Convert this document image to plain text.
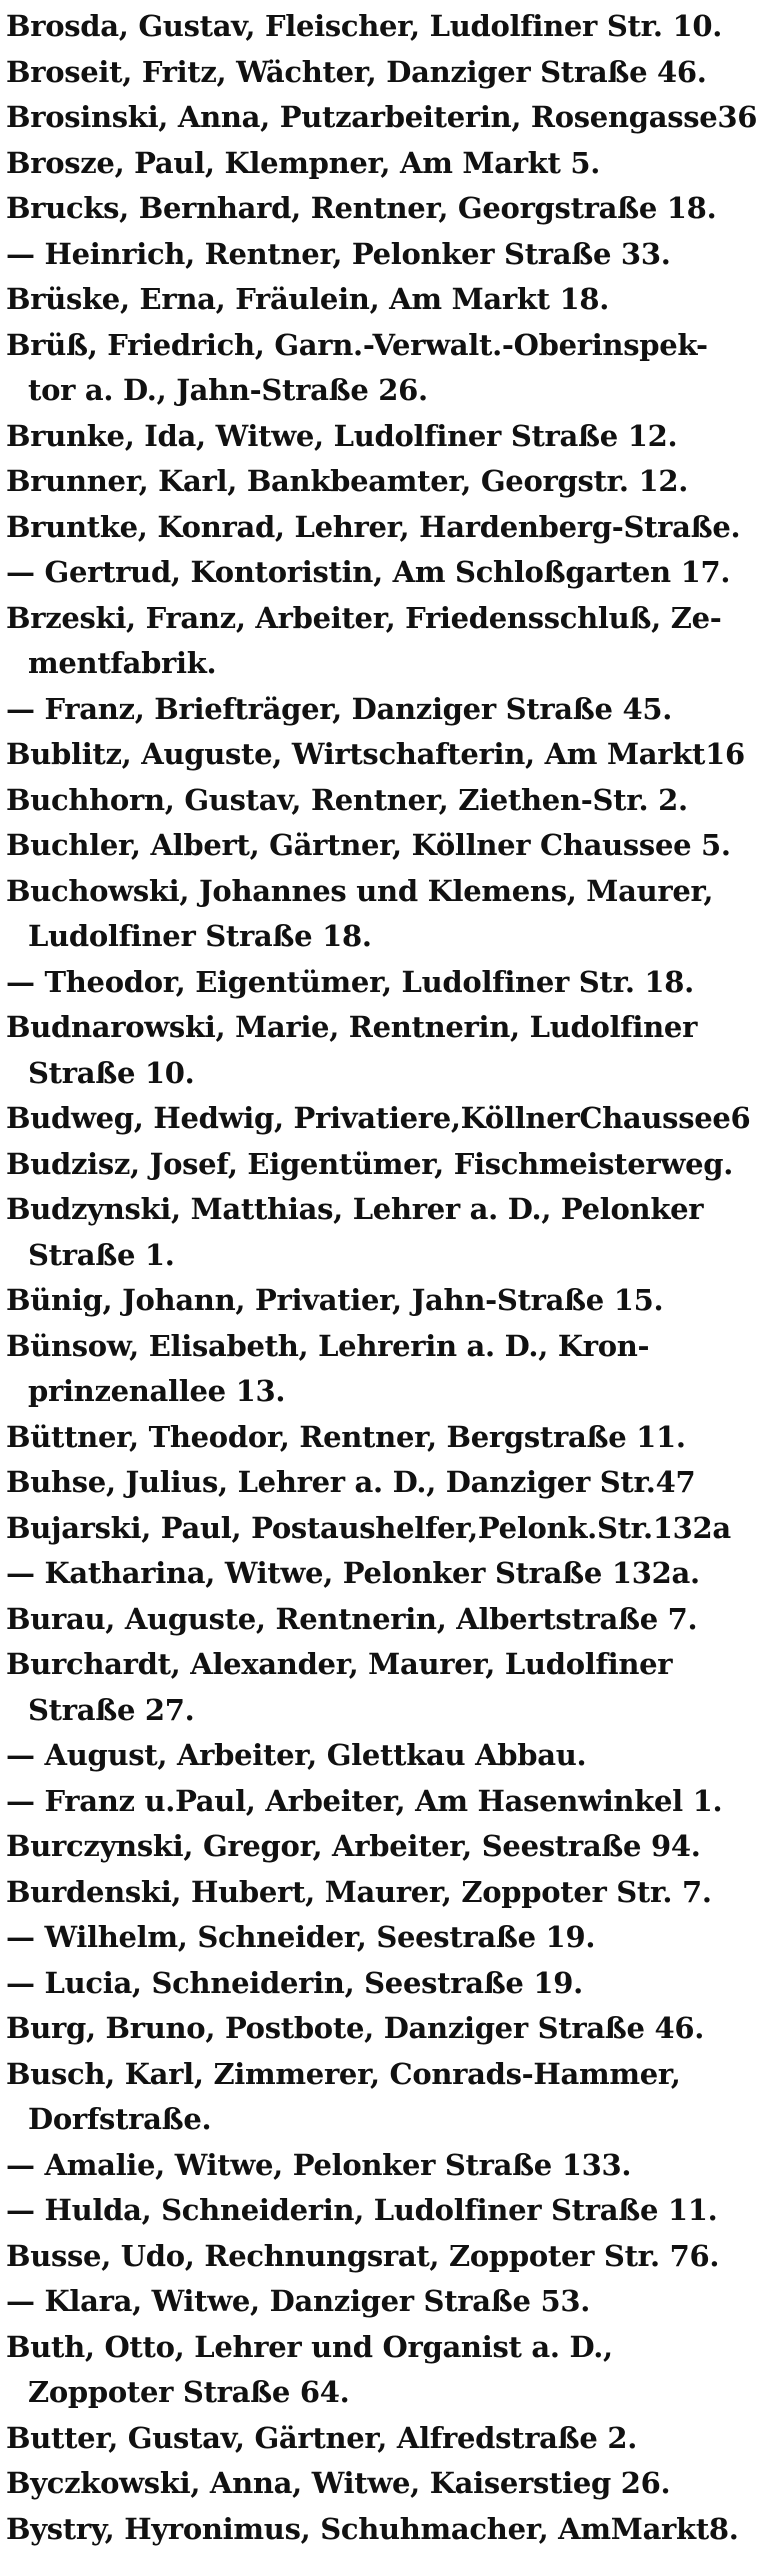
Brosda, Gustav, Fleischer, Ludolfiner Str. 10.
Broseit, Fritz, Wächter, Danziger Straße 46.
Brosinski, Anna, Putzarbeiterin, Rosengasse36
Brosze, Paul, Klempner, Am Markt 5.
Brucks, Bernhard, Rentner, Georgstraße 18.
— Heinrich, Rentner, Pelonker Straße 33.
Brüske, Erna, Fräulein, Am Markt 18.
Brüß, Friedrich, Garn.-Verwalt.-Oberinspek-
tor a. D., Jahn-Straße 26.
Brunke, Ida, Witwe, Ludolfiner Straße 12.
Brunner, Karl, Bankbeamter, Georgstr. 12.
Bruntke, Konrad, Lehrer, Hardenberg-Straße.
— Gertrud, Kontoristin, Am Schloßgarten 17.
Brzeski, Franz, Arbeiter, Friedensschluß, Ze-
mentfabrik.
— Franz, Briefträger, Danziger Straße 45.
Bublitz, Auguste, Wirtschafterin, Am Markt16
Buchhorn, Gustav, Rentner, Ziethen-Str. 2.
Buchler, Albert, Gärtner, Köllner Chaussee 5.
Buchowski, Johannes und Klemens, Maurer,
Ludolfiner Straße 18.
— Theodor, Eigentümer, Ludolfiner Str. 18.
Budnarowski, Marie, Rentnerin, Ludolfiner
Straße 10.
Budweg, Hedwig, Privatiere,KöllnerChaussee6
Budzisz, Josef, Eigentümer, Fischmeisterweg.
Budzynski, Matthias, Lehrer a. D., Pelonker
Straße 1.
Bünig, Johann, Privatier, Jahn-Straße 15.
Bünsow, Elisabeth, Lehrerin a. D., Kron-
prinzenallee 13.
Büttner, Theodor, Rentner, Bergstraße 11.
Buhse, Julius, Lehrer a. D., Danziger Str.47
Bujarski, Paul, Postaushelfer,Pelonk.Str.132a
— Katharina, Witwe, Pelonker Straße 132a.
Burau, Auguste, Rentnerin, Albertstraße 7.
Burchardt, Alexander, Maurer, Ludolfiner
Straße 27.
— August, Arbeiter, Glettkau Abbau.
— Franz u.Paul, Arbeiter, Am Hasenwinkel 1.
Burczynski, Gregor, Arbeiter, Seestraße 94.
Burdenski, Hubert, Maurer, Zoppoter Str. 7.
— Wilhelm, Schneider, Seestraße 19.
— Lucia, Schneiderin, Seestraße 19.
Burg, Bruno, Postbote, Danziger Straße 46.
Busch, Karl, Zimmerer, Conrads-Hammer,
Dorfstraße.
— Amalie, Witwe, Pelonker Straße 133.
— Hulda, Schneiderin, Ludolfiner Straße 11.
Busse, Udo, Rechnungsrat, Zoppoter Str. 76.
— Klara, Witwe, Danziger Straße 53.
Buth, Otto, Lehrer und Organist a. D.,
Zoppoter Straße 64.
Butter, Gustav, Gärtner, Alfredstraße 2.
Byczkowski, Anna, Witwe, Kaiserstieg 26.
Bystry, Hyronimus, Schuhmacher, AmMarkt8.
